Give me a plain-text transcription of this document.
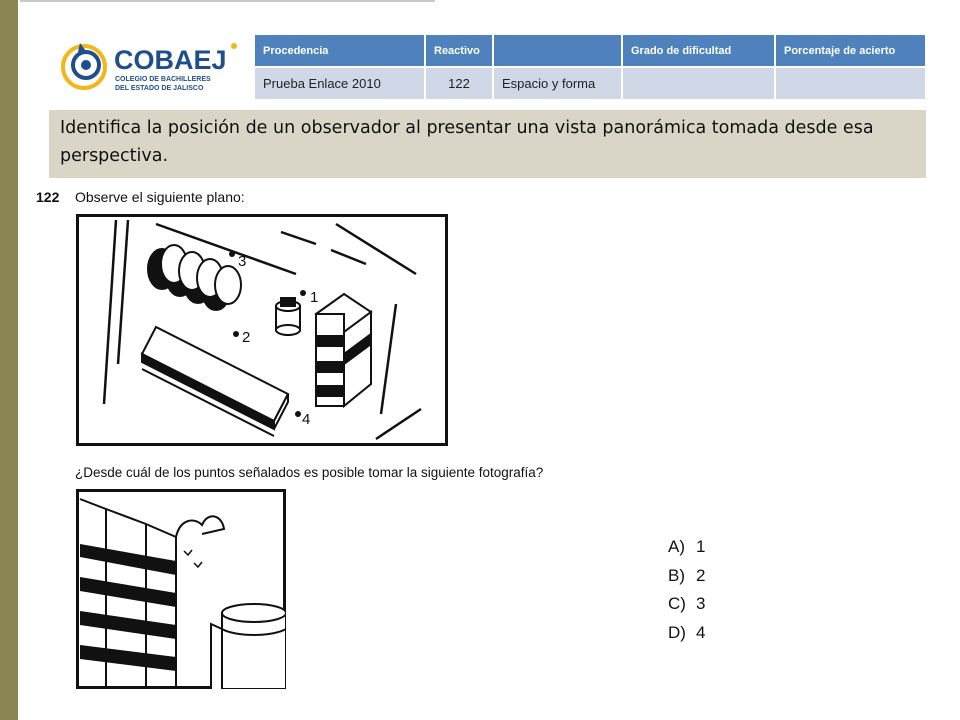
COBAEJ
COLEGIO DE BACHILLERES
DEL ESTADO DE JALISCO
Procedencia	Reactivo		Grado de dificultad	Porcentaje de acierto
Prueba Enlace 2010	122	Espacio y forma		
Identifica la posición de un observador al presentar una vista panorámica tomada desde esa perspectiva.
122 Observe el siguiente plano:
3
1
2
4
¿Desde cuál de los puntos señalados es posible tomar la siguiente fotografía?
A) 1
B) 2
C) 3
D) 4
